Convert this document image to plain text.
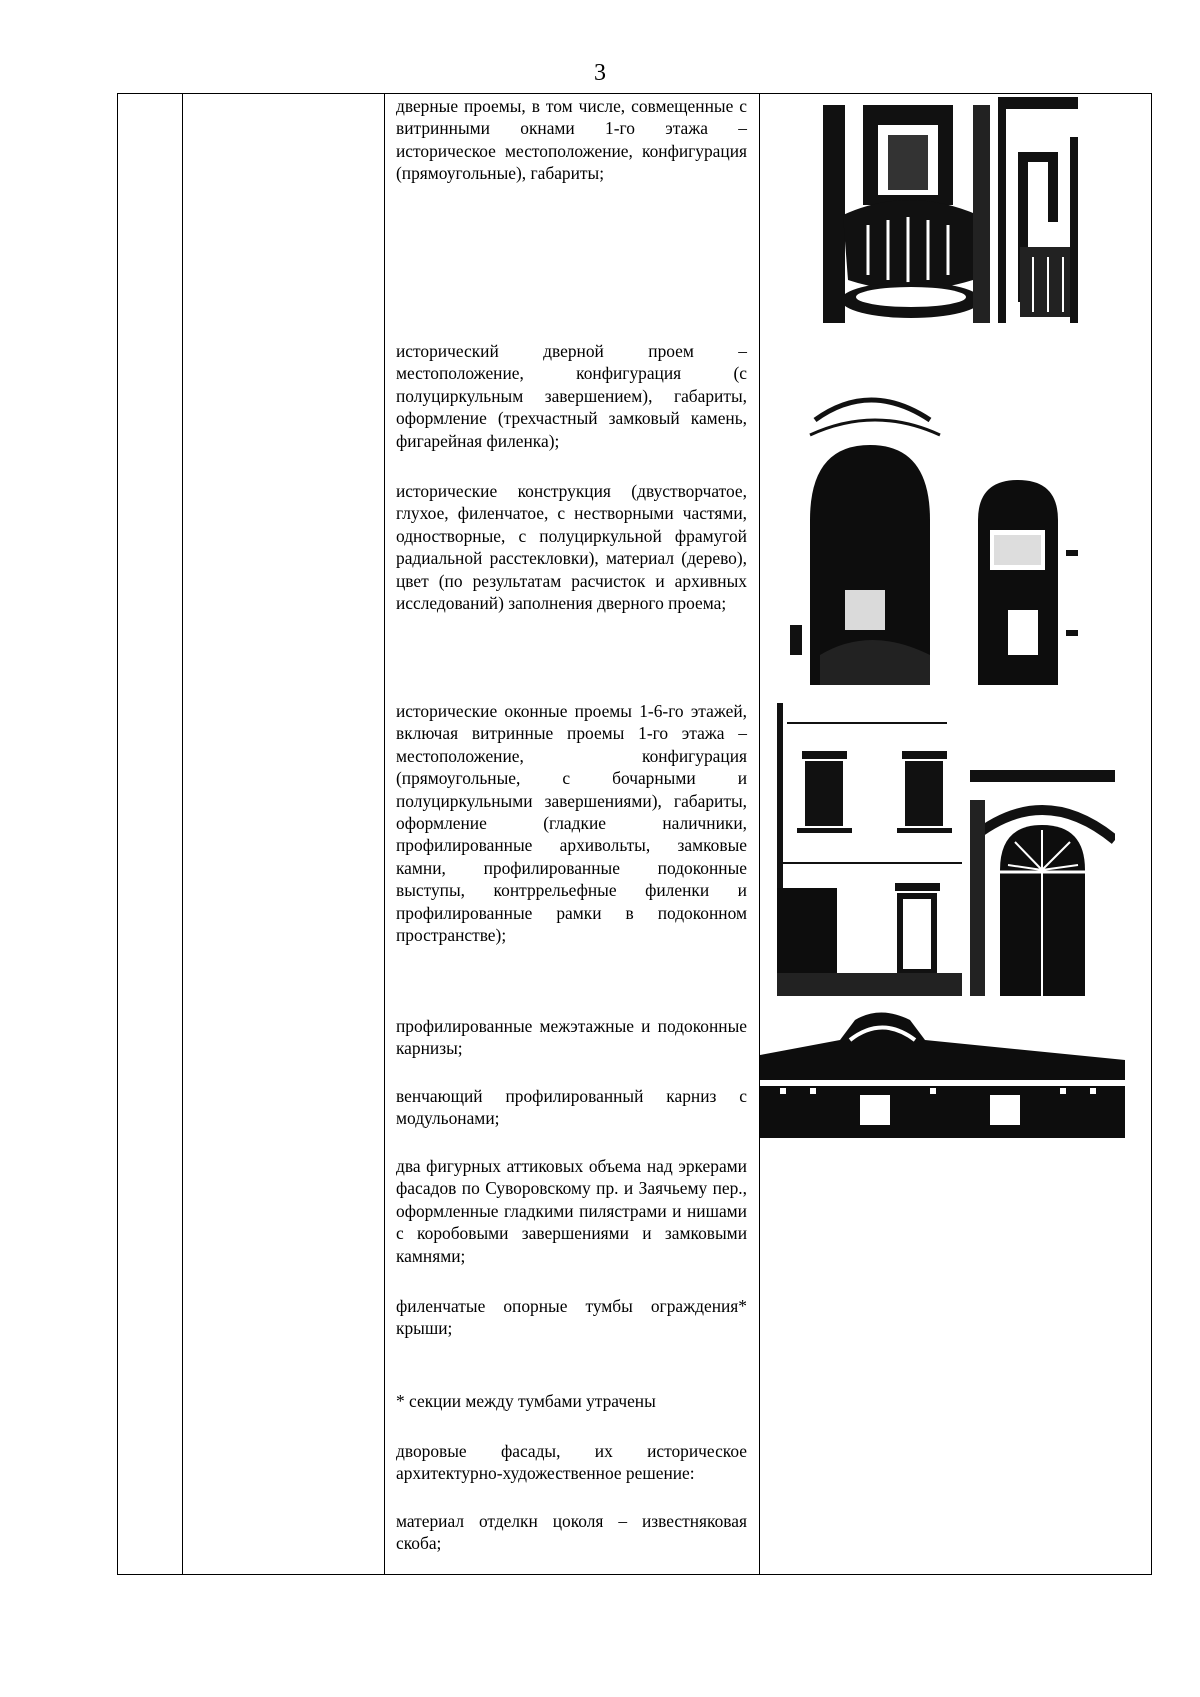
3

дверные проемы, в том числе, совмещенные с витринными окнами 1-го этажа – историческое местоположение, конфигурация (прямоугольные), габариты;

исторический дверной проем – местоположение, конфигурация (с полуциркульным завершением), габариты, оформление (трехчастный замковый камень, фигарейная филенка);

исторические конструкция (двустворчатое, глухое, филенчатое, с нестворными частями, одностворные, с полуциркульной фрамугой радиальной расстекловки), материал (дерево), цвет (по результатам расчисток и архивных исследований) заполнения дверного проема;

исторические оконные проемы 1-6-го этажей, включая витринные проемы 1-го этажа – местоположение, конфигурация (прямоугольные, с бочарными и полуциркульными завершениями), габариты, оформление (гладкие наличники, профилированные архивольты, замковые камни, профилированные подоконные выступы, контррельефные филенки и профилированные рамки в подоконном пространстве);

профилированные межэтажные и подоконные карнизы;

венчающий профилированный карниз с модульонами;

два фигурных аттиковых объема над эркерами фасадов по Суворовскому пр. и Заячьему пер., оформленные гладкими пилястрами и нишами с коробовыми завершениями и замковыми камнями;

филенчатые опорные тумбы ограждения* крыши;

* секции между тумбами утрачены

дворовые фасады, их историческое архитектурно-художественное решение:

материал отделкн цоколя – известняковая скоба;
